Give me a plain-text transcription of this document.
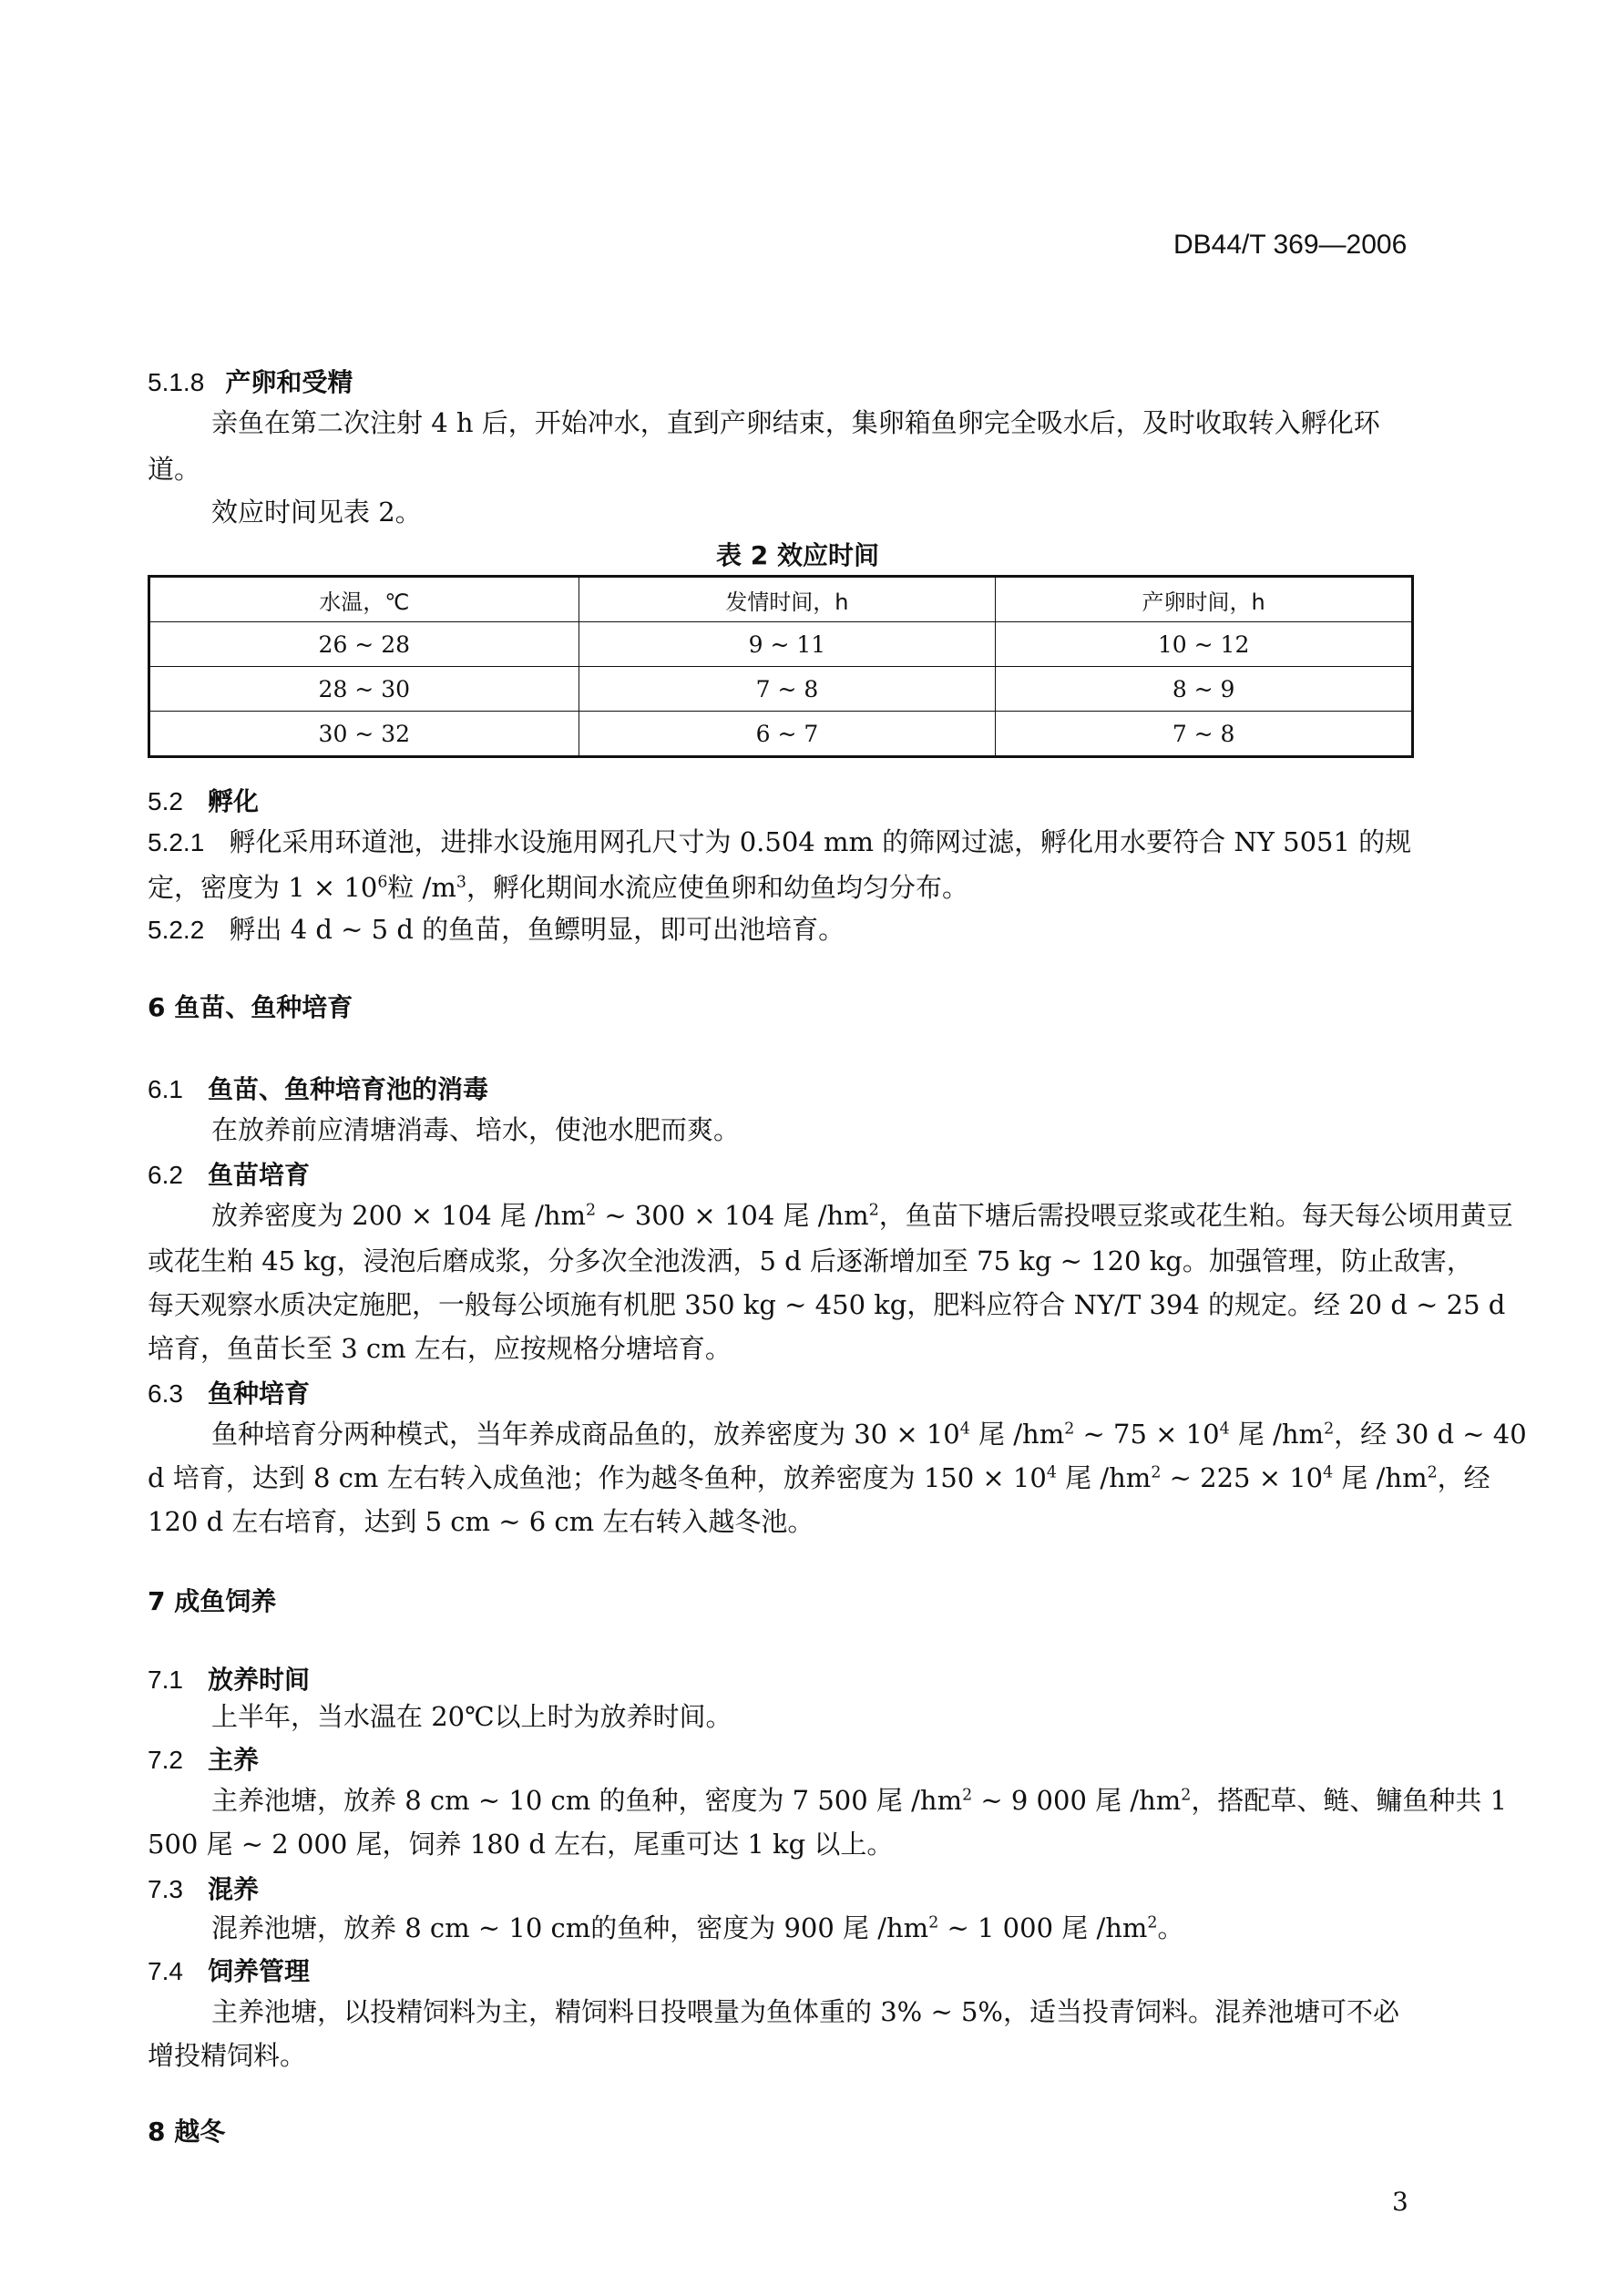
DB44/T 369—2006
5.1.8 产卵和受精
亲鱼在第二次注射 4 h 后，开始冲水，直到产卵结束，集卵箱鱼卵完全吸水后，及时收取转入孵化环
道。
效应时间见表 2。
表 2 效应时间
水温，℃	发情时间，h	产卵时间，h
26 ~ 28	9 ~ 11	10 ~ 12
28 ~ 30	7 ~ 8	8 ~ 9
30 ~ 32	6 ~ 7	7 ~ 8
5.2 孵化
5.2.1 孵化采用环道池，进排水设施用网孔尺寸为 0.504 mm 的筛网过滤，孵化用水要符合 NY 5051 的规
定，密度为 $1 \times 10^6$粒 $/m^3$，孵化期间水流应使鱼卵和幼鱼均匀分布。
5.2.2 孵出 4 d ~ 5 d 的鱼苗，鱼鳔明显，即可出池培育。
6 鱼苗、鱼种培育
6.1 鱼苗、鱼种培育池的消毒
在放养前应清塘消毒、培水，使池水肥而爽。
6.2 鱼苗培育
放养密度为 200 × 104 尾 $/hm^2$ ~ 300 × 104 尾 $/hm^2$，鱼苗下塘后需投喂豆浆或花生粕。每天每公顷用黄豆
或花生粕 45 kg，浸泡后磨成浆，分多次全池泼洒，5 d 后逐渐增加至 75 kg ~ 120 kg。加强管理，防止敌害，
每天观察水质决定施肥，一般每公顷施有机肥 350 kg ~ 450 kg，肥料应符合 NY/T 394 的规定。经 20 d ~ 25 d
培育，鱼苗长至 3 cm 左右，应按规格分塘培育。
6.3 鱼种培育
鱼种培育分两种模式，当年养成商品鱼的，放养密度为 $30 \times 10^4$ 尾 $/hm^2$ ~ $75 \times 10^4$ 尾 $/hm^2$，经 30 d ~ 40
d 培育，达到 8 cm 左右转入成鱼池；作为越冬鱼种，放养密度为 $150 \times 10^4$ 尾 $/hm^2$ ~ $225 \times 10^4$ 尾 $/hm^2$，经
120 d 左右培育，达到 5 cm ~ 6 cm 左右转入越冬池。
7 成鱼饲养
7.1 放养时间
上半年，当水温在 20℃以上时为放养时间。
7.2 主养
主养池塘，放养 8 cm ~ 10 cm 的鱼种，密度为 7 500 尾 $/hm^2$ ~ 9 000 尾 $/hm^2$，搭配草、鲢、鳙鱼种共 1
500 尾 ~ 2 000 尾，饲养 180 d 左右，尾重可达 1 kg 以上。
7.3 混养
混养池塘，放养 8 cm ~ 10 cm的鱼种，密度为 900 尾 $/hm^2$ ~ 1 000 尾 $/hm^2$。
7.4 饲养管理
主养池塘，以投精饲料为主，精饲料日投喂量为鱼体重的 3% ~ 5%，适当投青饲料。混养池塘可不必
增投精饲料。
8 越冬
3
